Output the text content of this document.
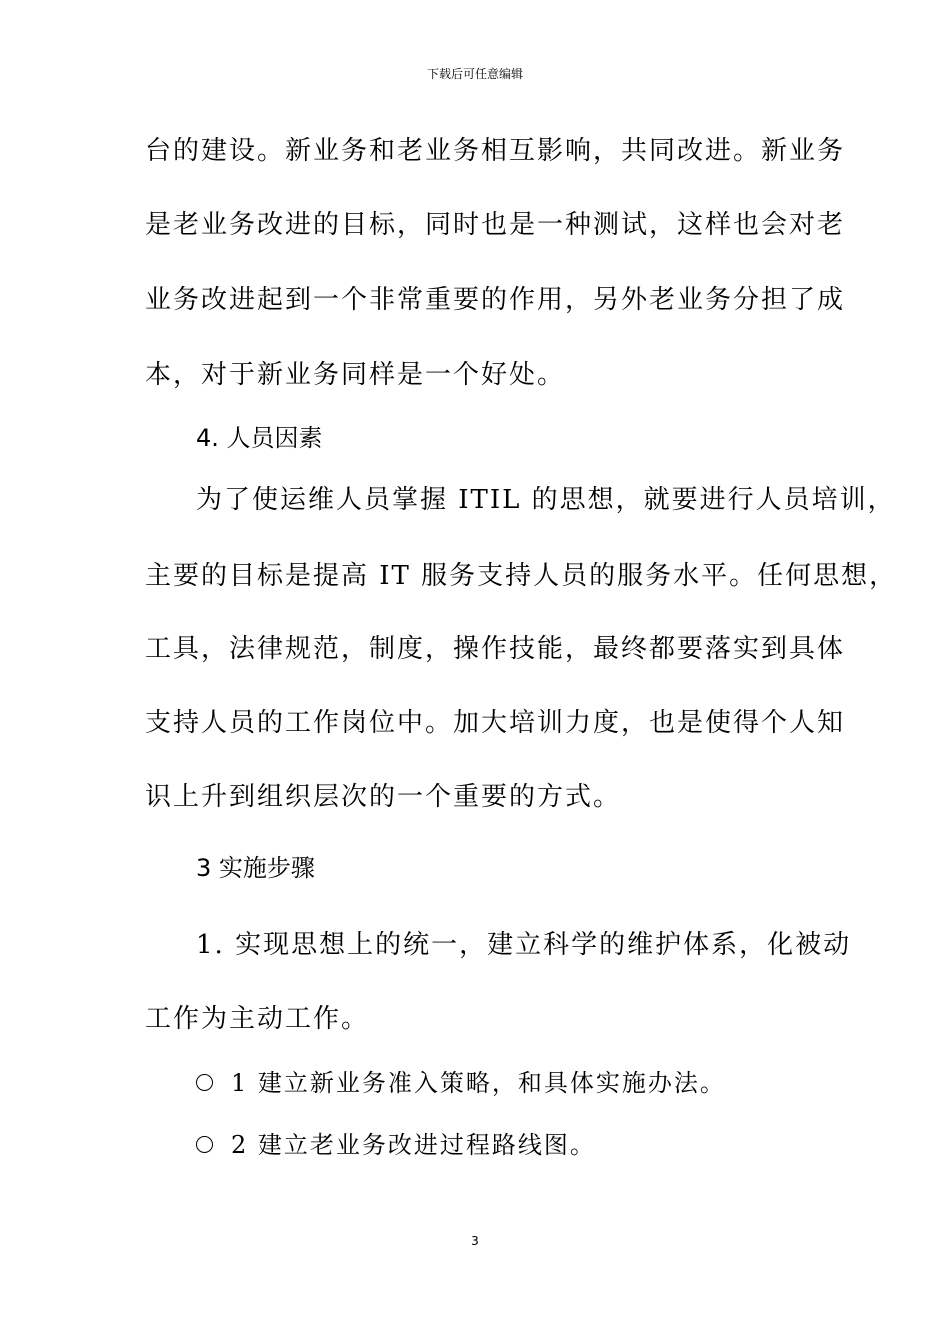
下载后可任意编辑
台的建设。新业务和老业务相互影响，共同改进。新业务
是老业务改进的目标，同时也是一种测试，这样也会对老
业务改进起到一个非常重要的作用，另外老业务分担了成
本，对于新业务同样是一个好处。
4. 人员因素
为了使运维人员掌握 ITIL 的思想，就要进行人员培训，
主要的目标是提高 IT 服务支持人员的服务水平。任何思想，
工具，法律规范，制度，操作技能，最终都要落实到具体
支持人员的工作岗位中。加大培训力度，也是使得个人知
识上升到组织层次的一个重要的方式。
3 实施步骤
1. 实现思想上的统一，建立科学的维护体系，化被动
工作为主动工作。
1 建立新业务准入策略，和具体实施办法。
2 建立老业务改进过程路线图。
3
